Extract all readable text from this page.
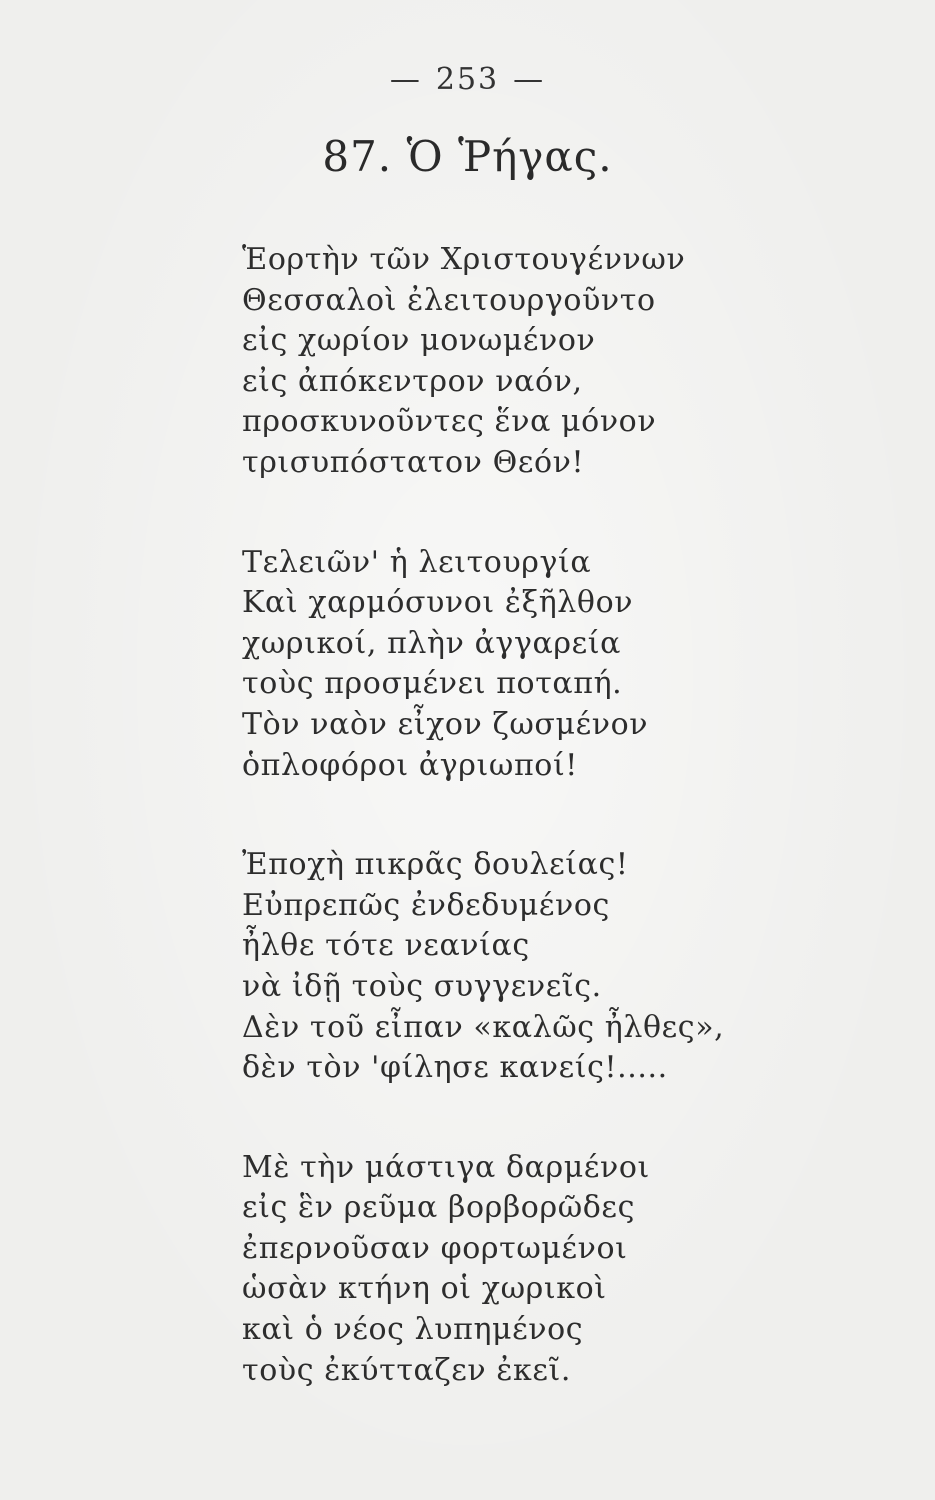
— 253 —
87. Ὁ Ῥήγας.
Ἑορτὴν τῶν Χριστουγέννων
Θεσσαλοὶ ἐλειτουργοῦντο
εἰς χωρίον μονωμένον
εἰς ἀπόκεντρον ναόν,
προσκυνοῦντες ἕνα μόνον
τρισυπόστατον Θεόν!
Τελειῶν' ἡ λειτουργία
Καὶ χαρμόσυνοι ἐξῆλθον
χωρικοί, πλὴν ἀγγαρεία
τοὺς προσμένει ποταπή.
Τὸν ναὸν εἶχον ζωσμένον
ὁπλοφόροι ἀγριωποί!
Ἐποχὴ πικρᾶς δουλείας!
Εὐπρεπῶς ἐνδεδυμένος
ἦλθε τότε νεανίας
νὰ ἰδῇ τοὺς συγγενεῖς.
Δὲν τοῦ εἶπαν «καλῶς ἦλθες»,
δὲν τὸν 'φίλησε κανείς!.....
Μὲ τὴν μάστιγα δαρμένοι
εἰς ἓν ρεῦμα βορβορῶδες
ἐπερνοῦσαν φορτωμένοι
ὡσὰν κτήνη οἱ χωρικοὶ
καὶ ὁ νέος λυπημένος
τοὺς ἐκύτταζεν ἐκεῖ.
